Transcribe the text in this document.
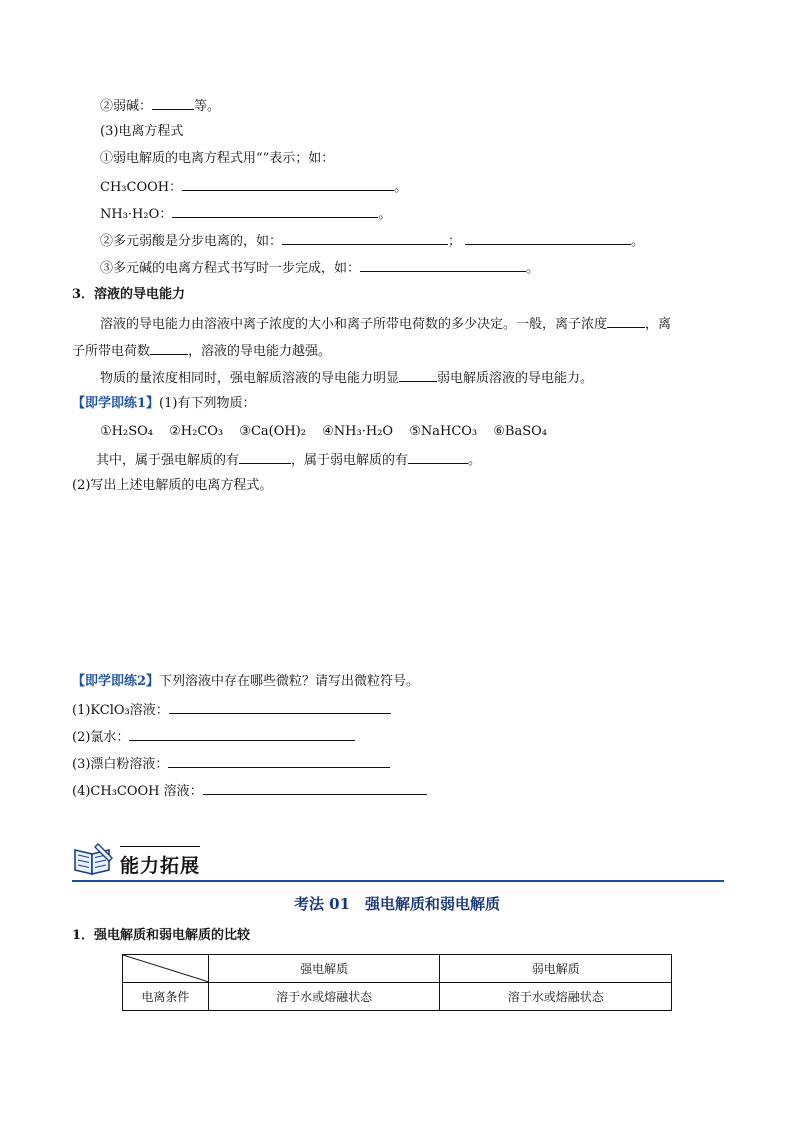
②弱碱：	等。
(3)电离方程式
①弱电解质的电离方程式用“”表示；如：
CH₃COOH：	。
NH₃·H₂O：	。
②多元弱酸是分步电离的，如：	；	。
③多元碱的电离方程式书写时一步完成，如：	。
3．溶液的导电能力
溶液的导电能力由溶液中离子浓度的大小和离子所带电荷数的多少决定。一般，离子浓度	，离
子所带电荷数	，溶液的导电能力越强。
物质的量浓度相同时，强电解质溶液的导电能力明显	弱电解质溶液的导电能力。
【即学即练1】(1)有下列物质：
①H₂SO₄ ②H₂CO₃ ③Ca(OH)₂ ④NH₃·H₂O ⑤NaHCO₃ ⑥BaSO₄
其中，属于强电解质的有	，属于弱电解质的有	。
(2)写出上述电解质的电离方程式。
【即学即练2】下列溶液中存在哪些微粒？请写出微粒符号。
(1)KClO₃溶液：
(2)氯水：
(3)漂白粉溶液：
(4)CH₃COOH 溶液：
能力拓展
考法 01　强电解质和弱电解质
1．强电解质和弱电解质的比较
	强电解质	弱电解质
电离条件	溶于水或熔融状态	溶于水或熔融状态
